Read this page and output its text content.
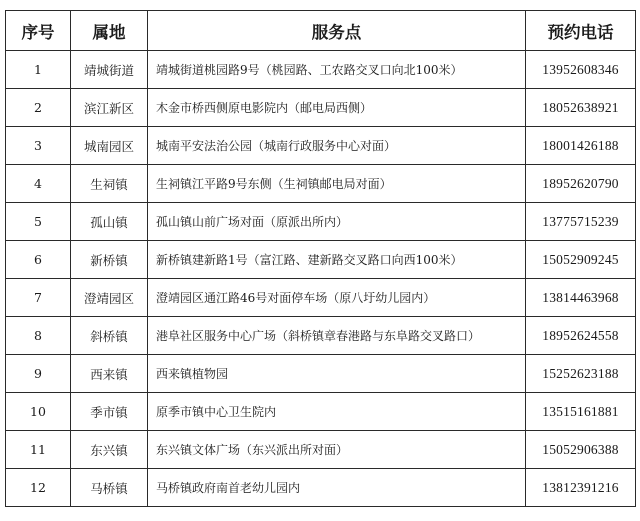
序号	属地	服务点	预约电话
1	靖城街道	靖城街道桃园路9号（桃园路、工农路交叉口向北100米）	13952608346
2	滨江新区	木金市桥西侧原电影院内（邮电局西侧）	18052638921
3	城南园区	城南平安法治公园（城南行政服务中心对面）	18001426188
4	生祠镇	生祠镇江平路9号东侧（生祠镇邮电局对面）	18952620790
5	孤山镇	孤山镇山前广场对面（原派出所内）	13775715239
6	新桥镇	新桥镇建新路1号（富江路、建新路交叉路口向西100米）	15052909245
7	澄靖园区	澄靖园区通江路46号对面停车场（原八圩幼儿园内）	13814463968
8	斜桥镇	港阜社区服务中心广场（斜桥镇章春港路与东阜路交叉路口）	18952624558
9	西来镇	西来镇植物园	15252623188
10	季市镇	原季市镇中心卫生院内	13515161881
11	东兴镇	东兴镇文体广场（东兴派出所对面）	15052906388
12	马桥镇	马桥镇政府南首老幼儿园内	13812391216
